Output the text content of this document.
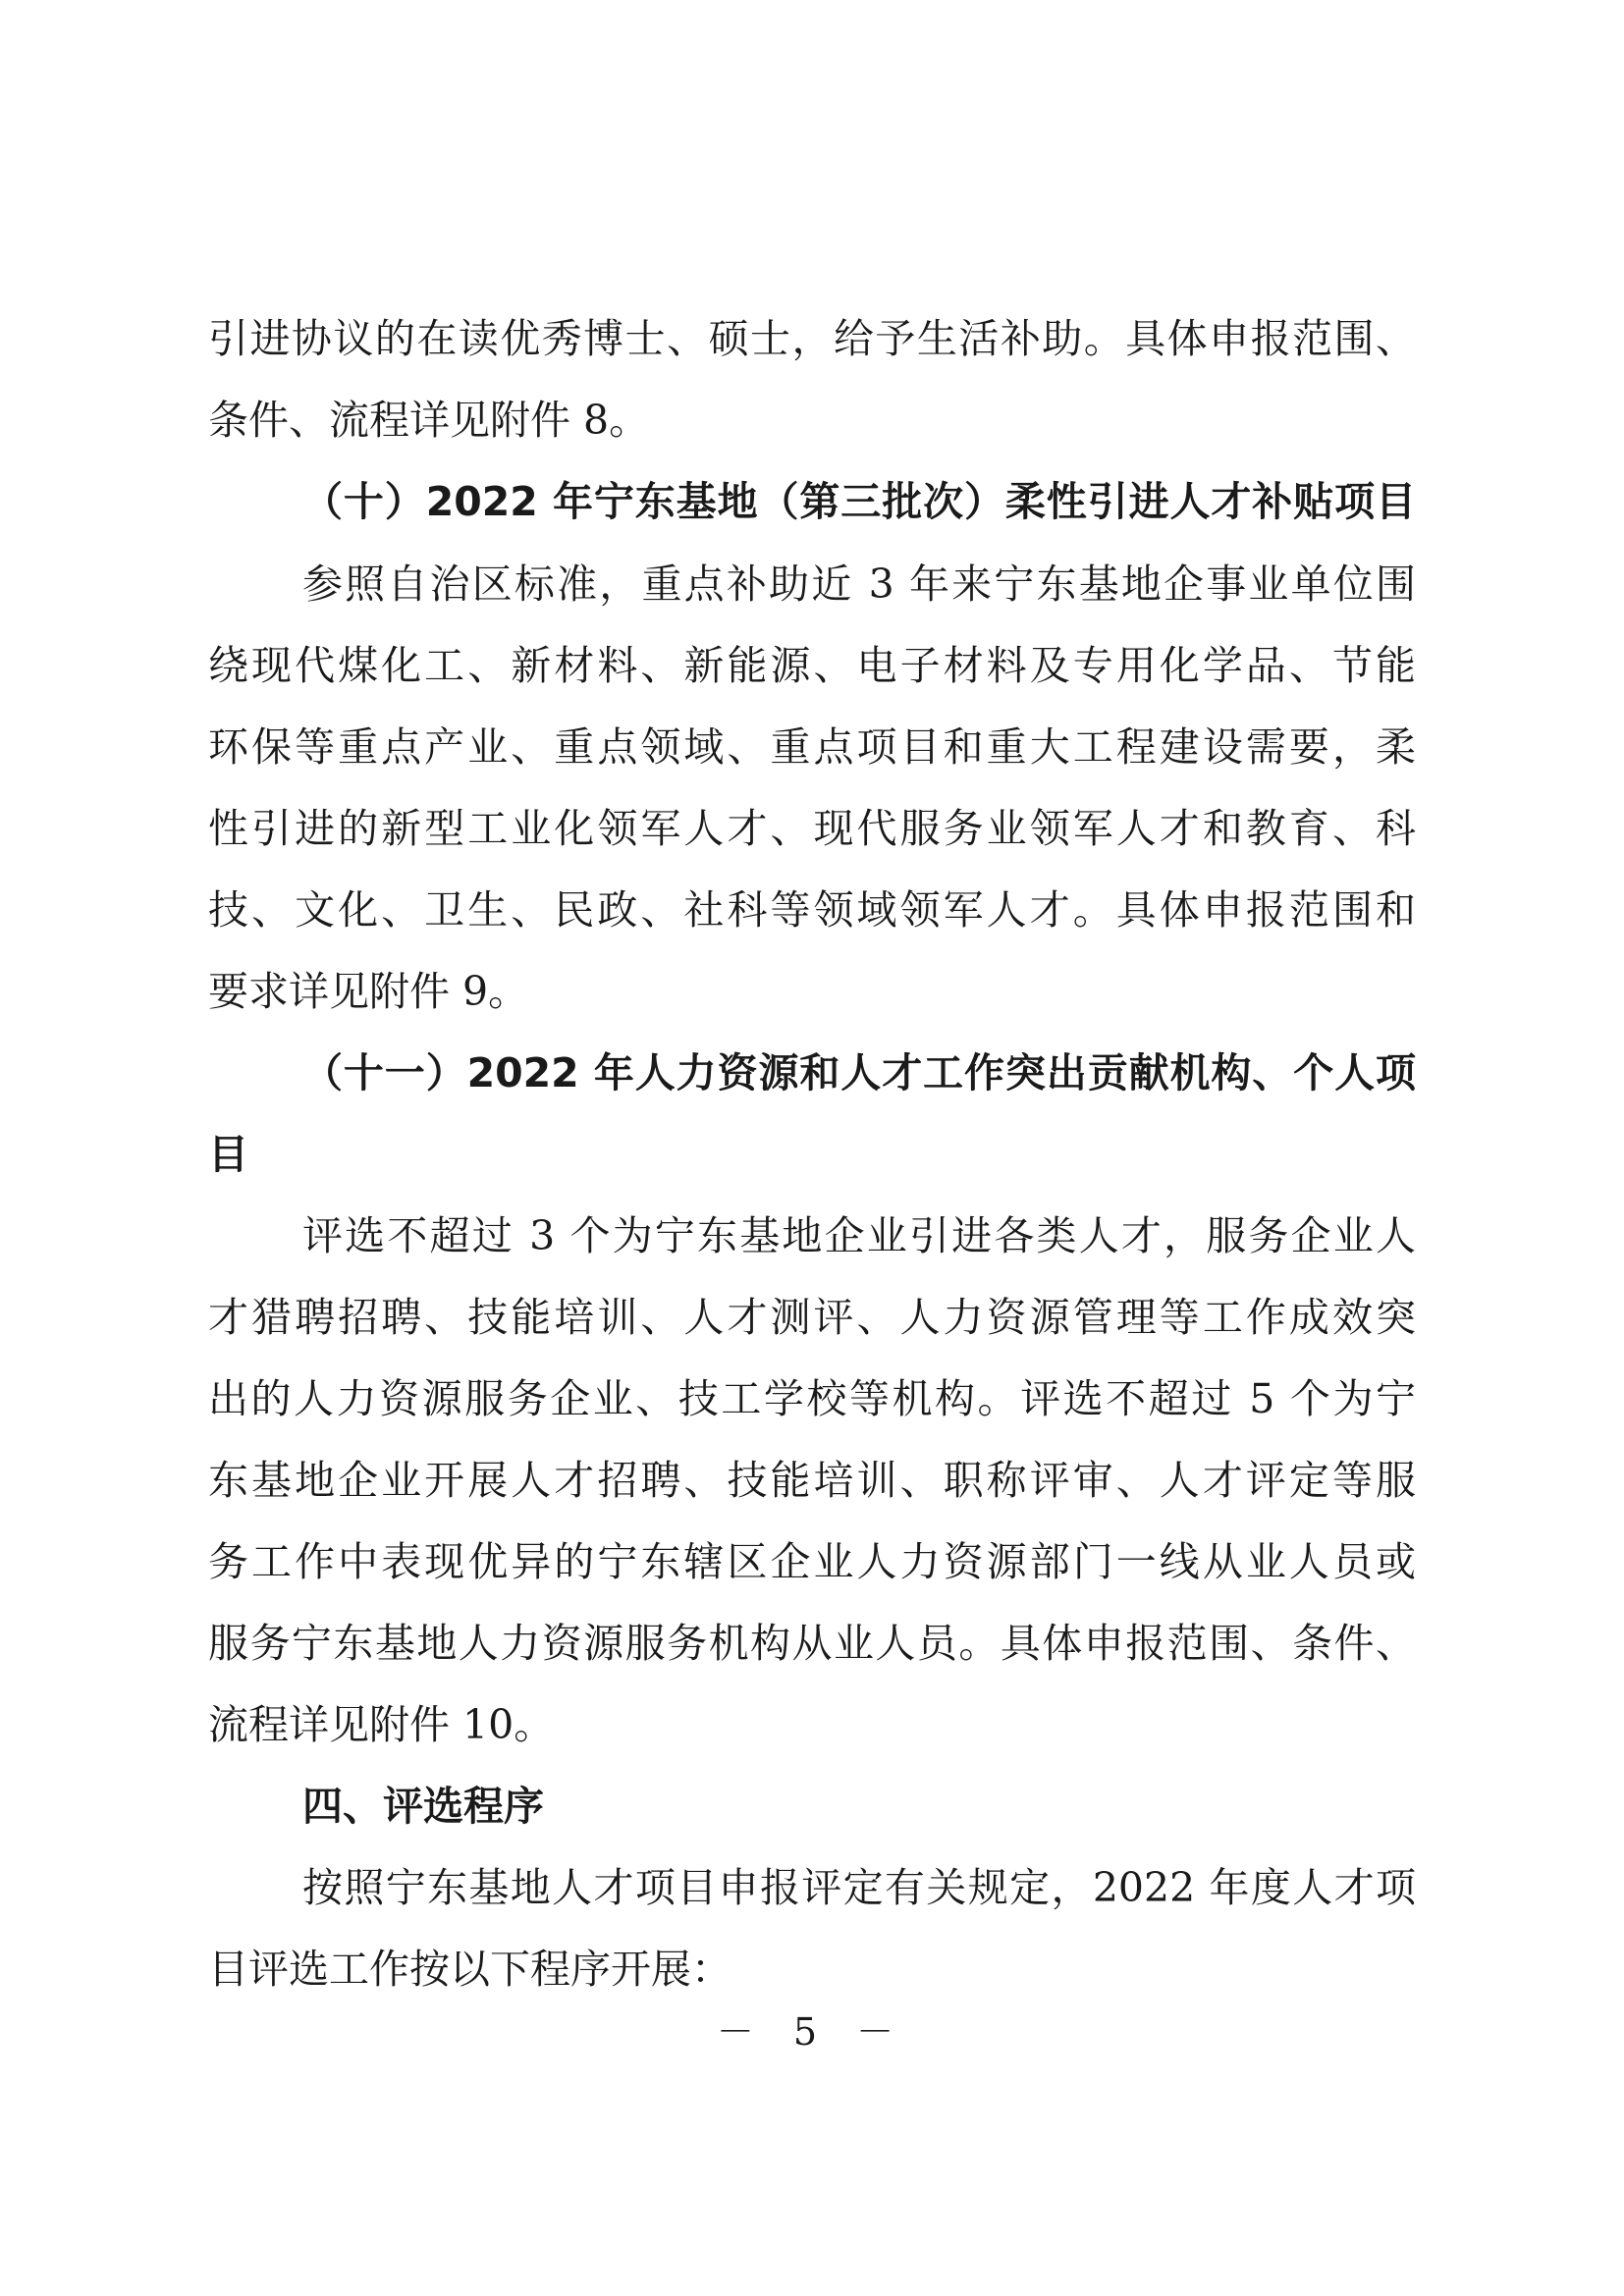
引进协议的在读优秀博士、硕士，给予生活补助。具体申报范围、
条件、流程详见附件 8。
（十）2022 年宁东基地（第三批次）柔性引进人才补贴项目
参照自治区标准，重点补助近 3 年来宁东基地企事业单位围
绕现代煤化工、新材料、新能源、电子材料及专用化学品、节能
环保等重点产业、重点领域、重点项目和重大工程建设需要，柔
性引进的新型工业化领军人才、现代服务业领军人才和教育、科
技、文化、卫生、民政、社科等领域领军人才。具体申报范围和
要求详见附件 9。
（十一）2022 年人力资源和人才工作突出贡献机构、个人项
目
评选不超过 3 个为宁东基地企业引进各类人才，服务企业人
才猎聘招聘、技能培训、人才测评、人力资源管理等工作成效突
出的人力资源服务企业、技工学校等机构。评选不超过 5 个为宁
东基地企业开展人才招聘、技能培训、职称评审、人才评定等服
务工作中表现优异的宁东辖区企业人力资源部门一线从业人员或
服务宁东基地人力资源服务机构从业人员。具体申报范围、条件、
流程详见附件 10。
四、评选程序
按照宁东基地人才项目申报评定有关规定，2022 年度人才项
目评选工作按以下程序开展：
－ 5 －
